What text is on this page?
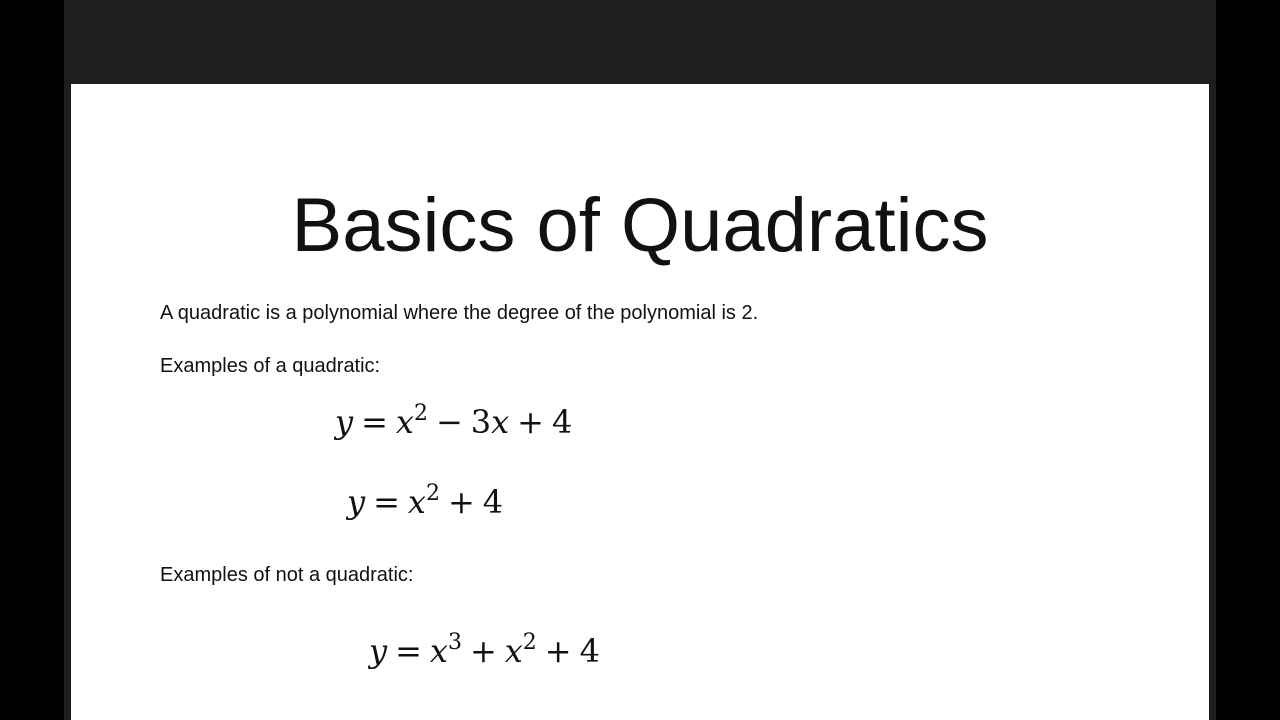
Basics of Quadratics
A quadratic is a polynomial where the degree of the polynomial is 2.
Examples of a quadratic:
$y = x^2 - 3x + 4$
$y = x^2 + 4$
Examples of not a quadratic:
$y = x^3 + x^2 + 4$
